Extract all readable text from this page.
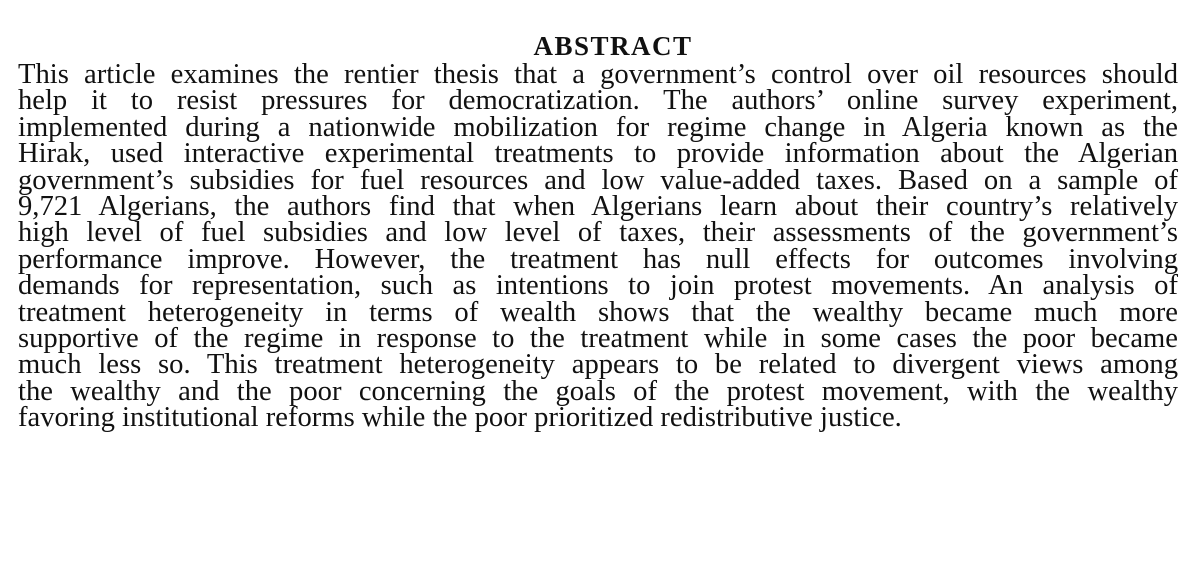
ABSTRACT
This article examines the rentier thesis that a government’s control over oil resources should
help it to resist pressures for democratization. The authors’ online survey experiment,
implemented during a nationwide mobilization for regime change in Algeria known as the
Hirak, used interactive experimental treatments to provide information about the Algerian
government’s subsidies for fuel resources and low value-added taxes. Based on a sample of
9,721 Algerians, the authors find that when Algerians learn about their country’s relatively
high level of fuel subsidies and low level of taxes, their assessments of the government’s
performance improve. However, the treatment has null effects for outcomes involving
demands for representation, such as intentions to join protest movements. An analysis of
treatment heterogeneity in terms of wealth shows that the wealthy became much more
supportive of the regime in response to the treatment while in some cases the poor became
much less so. This treatment heterogeneity appears to be related to divergent views among
the wealthy and the poor concerning the goals of the protest movement, with the wealthy
favoring institutional reforms while the poor prioritized redistributive justice.
